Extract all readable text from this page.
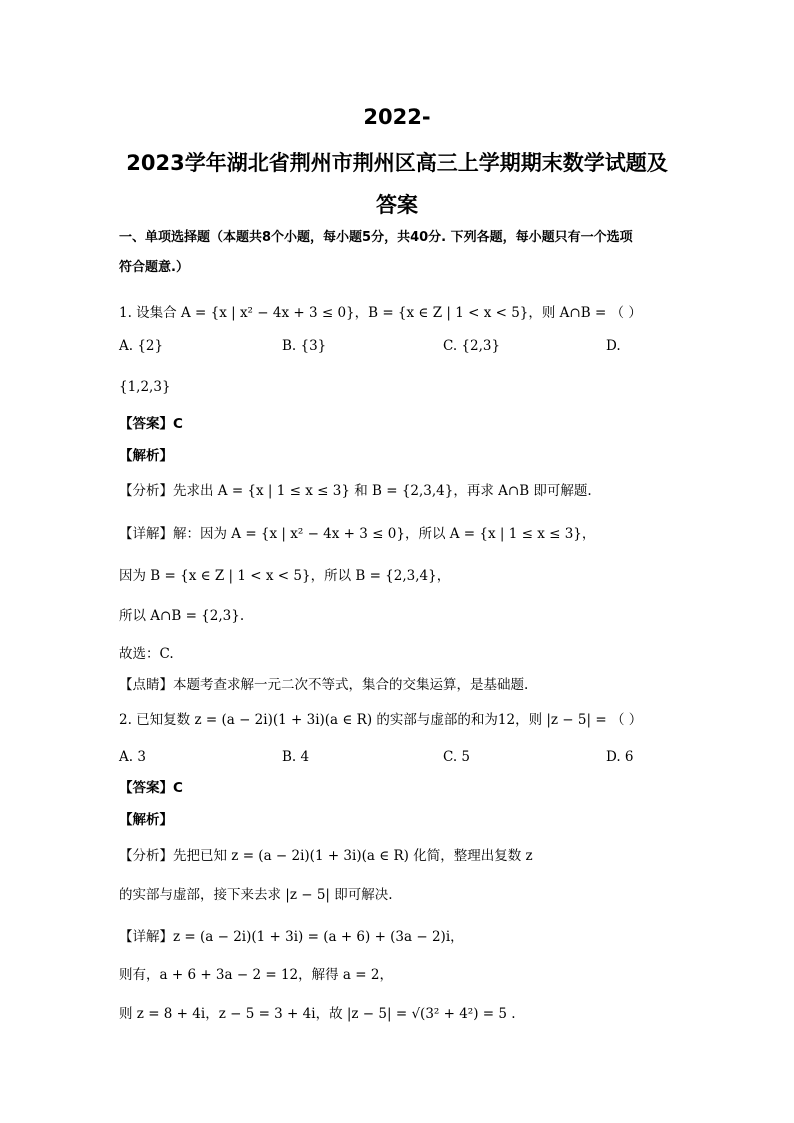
2022-
2023学年湖北省荆州市荆州区高三上学期期末数学试题及
答案
一、单项选择题（本题共8个小题，每小题5分，共40分. 下列各题，每小题只有一个选项
符合题意.）
1. 设集合 A = {x | x² − 4x + 3 ≤ 0}，B = {x ∈ Z | 1 < x < 5}，则 A∩B = （ ）
A. {2}	B. {3}	C. {2,3}	D.
{1,2,3}
【答案】C
【解析】
【分析】先求出 A = {x | 1 ≤ x ≤ 3} 和 B = {2,3,4}，再求 A∩B 即可解题.
【详解】解：因为 A = {x | x² − 4x + 3 ≤ 0}，所以 A = {x | 1 ≤ x ≤ 3}，
因为 B = {x ∈ Z | 1 < x < 5}，所以 B = {2,3,4}，
所以 A∩B = {2,3}.
故选：C.
【点睛】本题考查求解一元二次不等式，集合的交集运算，是基础题.
2. 已知复数 z = (a − 2i)(1 + 3i)(a ∈ R) 的实部与虚部的和为12，则 |z − 5| = （ ）
A. 3	B. 4	C. 5	D. 6
【答案】C
【解析】
【分析】先把已知 z = (a − 2i)(1 + 3i)(a ∈ R) 化简，整理出复数 z
的实部与虚部，接下来去求 |z − 5| 即可解决.
【详解】z = (a − 2i)(1 + 3i) = (a + 6) + (3a − 2)i，
则有，a + 6 + 3a − 2 = 12，解得 a = 2，
则 z = 8 + 4i，z − 5 = 3 + 4i，故 |z − 5| = √(3² + 4²) = 5 .
